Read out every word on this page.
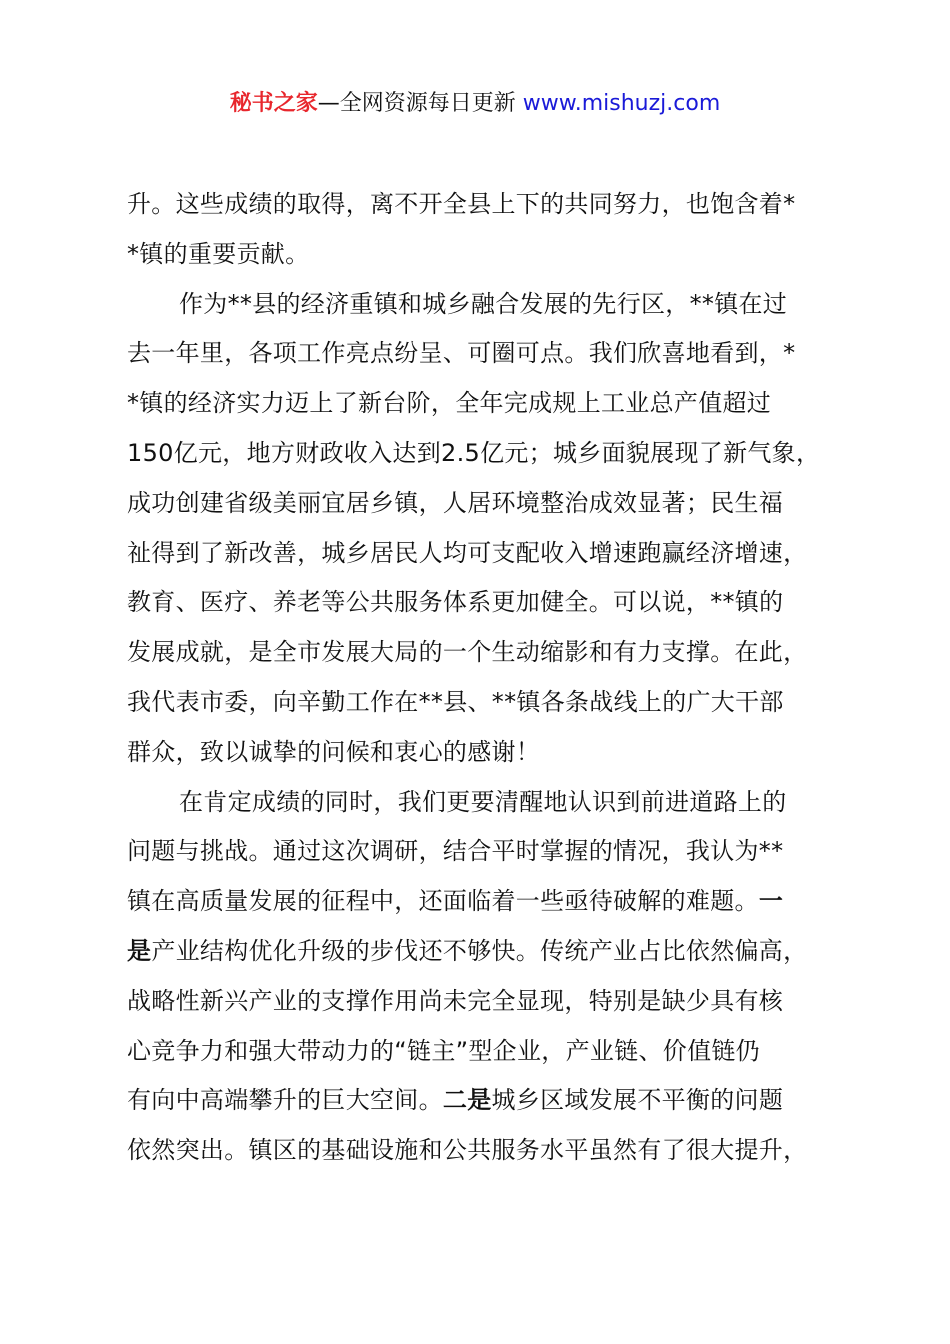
秘书之家—全网资源每日更新 www.mishuzj.com
升。这些成绩的取得，离不开全县上下的共同努力，也饱含着*
*镇的重要贡献。
作为**县的经济重镇和城乡融合发展的先行区，**镇在过
去一年里，各项工作亮点纷呈、可圈可点。我们欣喜地看到，*
*镇的经济实力迈上了新台阶，全年完成规上工业总产值超过
150亿元，地方财政收入达到2.5亿元；城乡面貌展现了新气象，
成功创建省级美丽宜居乡镇，人居环境整治成效显著；民生福
祉得到了新改善，城乡居民人均可支配收入增速跑赢经济增速，
教育、医疗、养老等公共服务体系更加健全。可以说，**镇的
发展成就，是全市发展大局的一个生动缩影和有力支撑。在此，
我代表市委，向辛勤工作在**县、**镇各条战线上的广大干部
群众，致以诚挚的问候和衷心的感谢！
在肯定成绩的同时，我们更要清醒地认识到前进道路上的
问题与挑战。通过这次调研，结合平时掌握的情况，我认为**
镇在高质量发展的征程中，还面临着一些亟待破解的难题。一
是产业结构优化升级的步伐还不够快。传统产业占比依然偏高，
战略性新兴产业的支撑作用尚未完全显现，特别是缺少具有核
心竞争力和强大带动力的“链主”型企业，产业链、价值链仍
有向中高端攀升的巨大空间。二是城乡区域发展不平衡的问题
依然突出。镇区的基础设施和公共服务水平虽然有了很大提升，
